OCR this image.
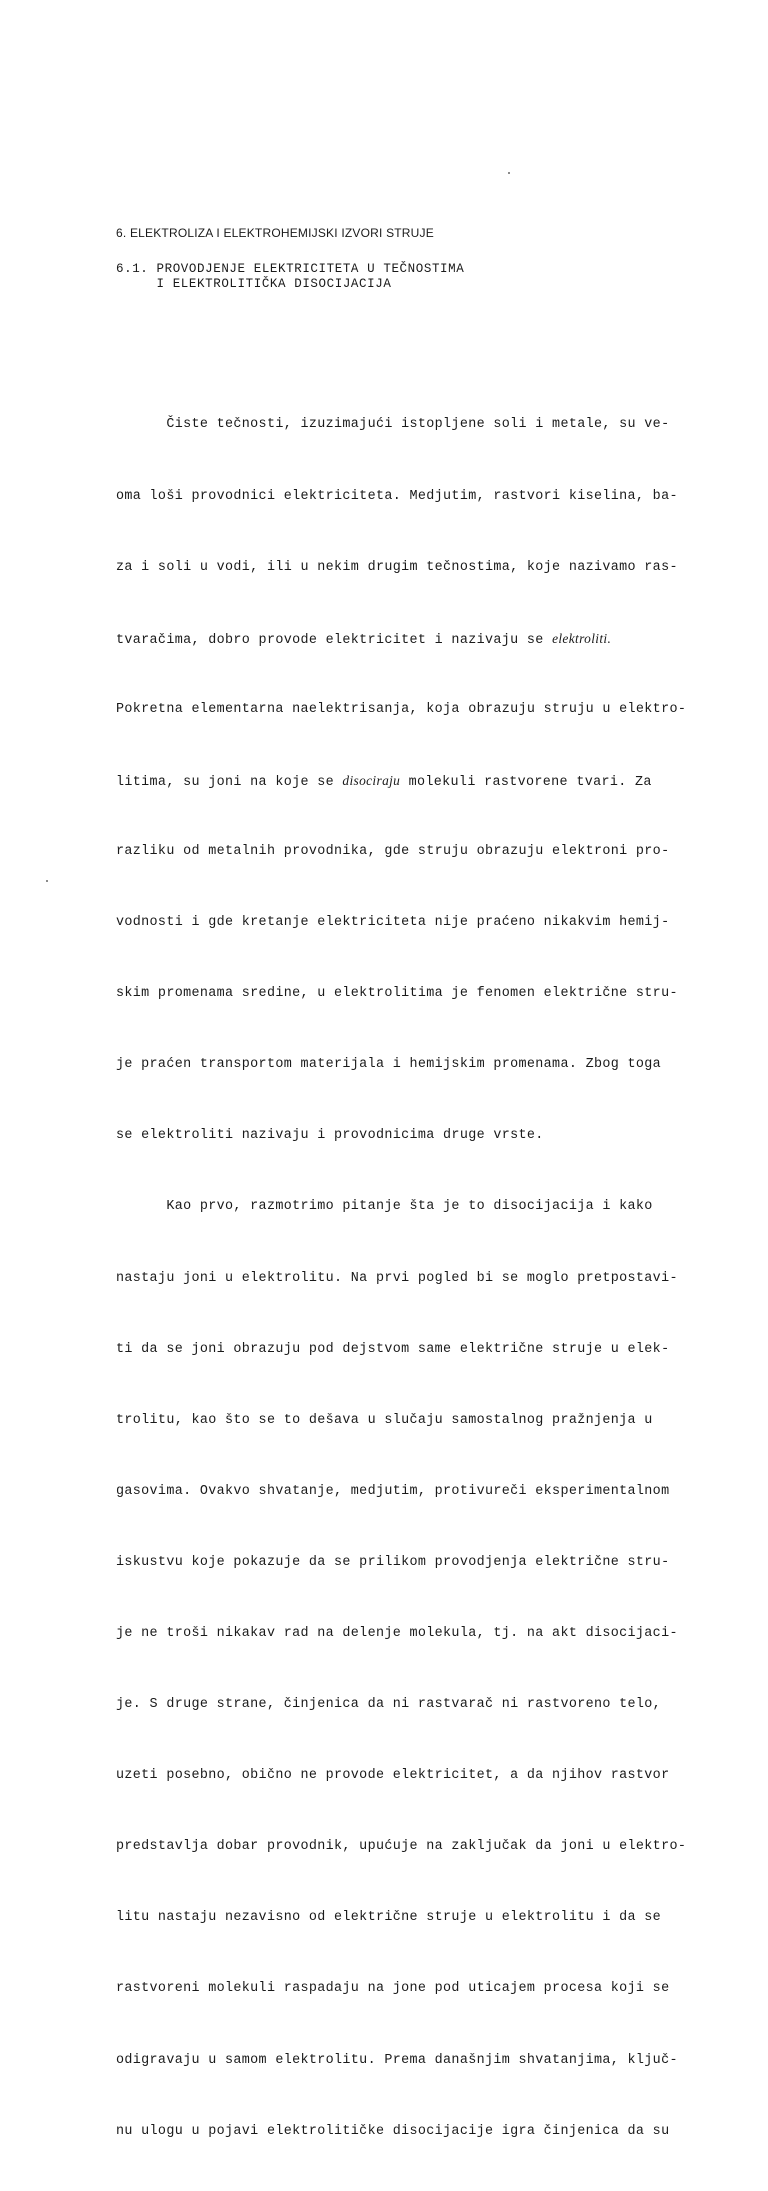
6. ELEKTROLIZA I ELEKTROHEMIJSKI IZVORI STRUJE
6.1. PROVODJENJE ELEKTRICITETA U TEČNOSTIMA
I ELEKTROLITIČKA DISOCIJACIJA

Čiste tečnosti, izuzimajući istopljene soli i metale, su ve-

oma loši provodnici elektriciteta. Medjutim, rastvori kiselina, ba-

za i soli u vodi, ili u nekim drugim tečnostima, koje nazivamo ras-

tvaračima, dobro provode elektricitet i nazivaju se elektroliti.

Pokretna elementarna naelektrisanja, koja obrazuju struju u elektro-

litima, su joni na koje se disociraju molekuli rastvorene tvari. Za

razliku od metalnih provodnika, gde struju obrazuju elektroni pro-

vodnosti i gde kretanje elektriciteta nije praćeno nikakvim hemij-

skim promenama sredine, u elektrolitima je fenomen električne stru-

je praćen transportom materijala i hemijskim promenama. Zbog toga

se elektroliti nazivaju i provodnicima druge vrste.

Kao prvo, razmotrimo pitanje šta je to disocijacija i kako

nastaju joni u elektrolitu. Na prvi pogled bi se moglo pretpostavi-

ti da se joni obrazuju pod dejstvom same električne struje u elek-

trolitu, kao što se to dešava u slučaju samostalnog pražnjenja u

gasovima. Ovakvo shvatanje, medjutim, protivureči eksperimentalnom

iskustvu koje pokazuje da se prilikom provodjenja električne stru-

je ne troši nikakav rad na delenje molekula, tj. na akt disocijaci-

je. S druge strane, činjenica da ni rastvarač ni rastvoreno telo,

uzeti posebno, obično ne provode elektricitet, a da njihov rastvor

predstavlja dobar provodnik, upućuje na zaključak da joni u elektro-

litu nastaju nezavisno od električne struje u elektrolitu i da se

rastvoreni molekuli raspadaju na jone pod uticajem procesa koji se

odigravaju u samom elektrolitu. Prema današnjim shvatanjima, ključ-

nu ulogu u pojavi elektrolitičke disocijacije igra činjenica da su
